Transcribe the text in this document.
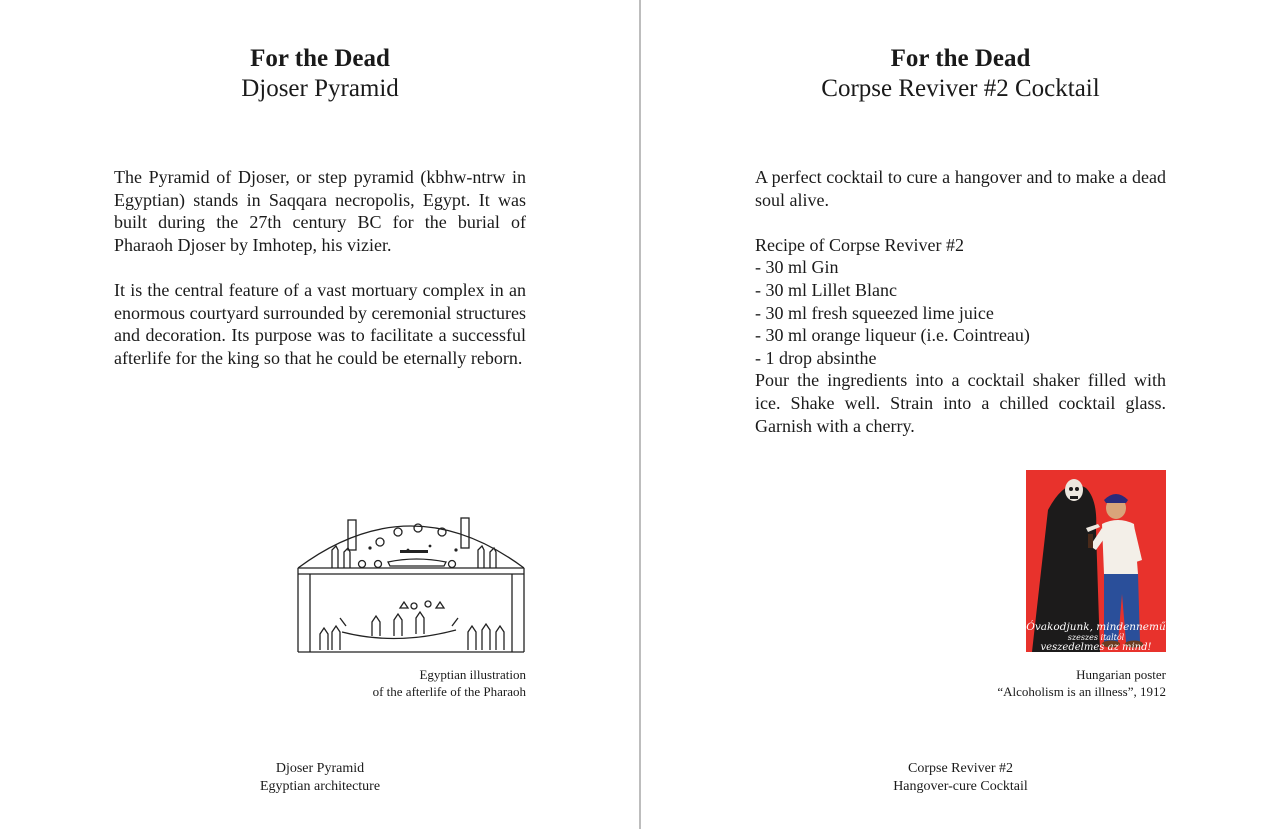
For the Dead
Djoser Pyramid

The Pyramid of Djoser, or step pyramid (kbhw-ntrw in Egyptian) stands in Saqqara necropolis, Egypt. It was built during the 27th century BC for the burial of Pharaoh Djoser by Imhotep, his vizier.

It is the central feature of a vast mortuary complex in an enormous courtyard surrounded by ceremonial structures and decoration. Its purpose was to facilitate a successful afterlife for the king so that he could be eternally reborn.

Egyptian illustration
of the afterlife of the Pharaoh
Djoser Pyramid
Egyptian architecture
For the Dead
Corpse Reviver #2 Cocktail

A perfect cocktail to cure a hangover and to make a dead soul alive.

Recipe of Corpse Reviver #2
- 30 ml Gin
- 30 ml Lillet Blanc
- 30 ml fresh squeezed lime juice
- 30 ml orange liqueur (i.e. Cointreau)
- 1 drop absinthe
Pour the ingredients into a cocktail shaker filled with ice. Shake well. Strain into a chilled cocktail glass. Garnish with a cherry.
Óvakodjunk, mindennemű
szeszes italtól
veszedelmes az mind!
Hungarian poster
“Alcoholism is an illness”, 1912
Corpse Reviver #2
Hangover-cure Cocktail
